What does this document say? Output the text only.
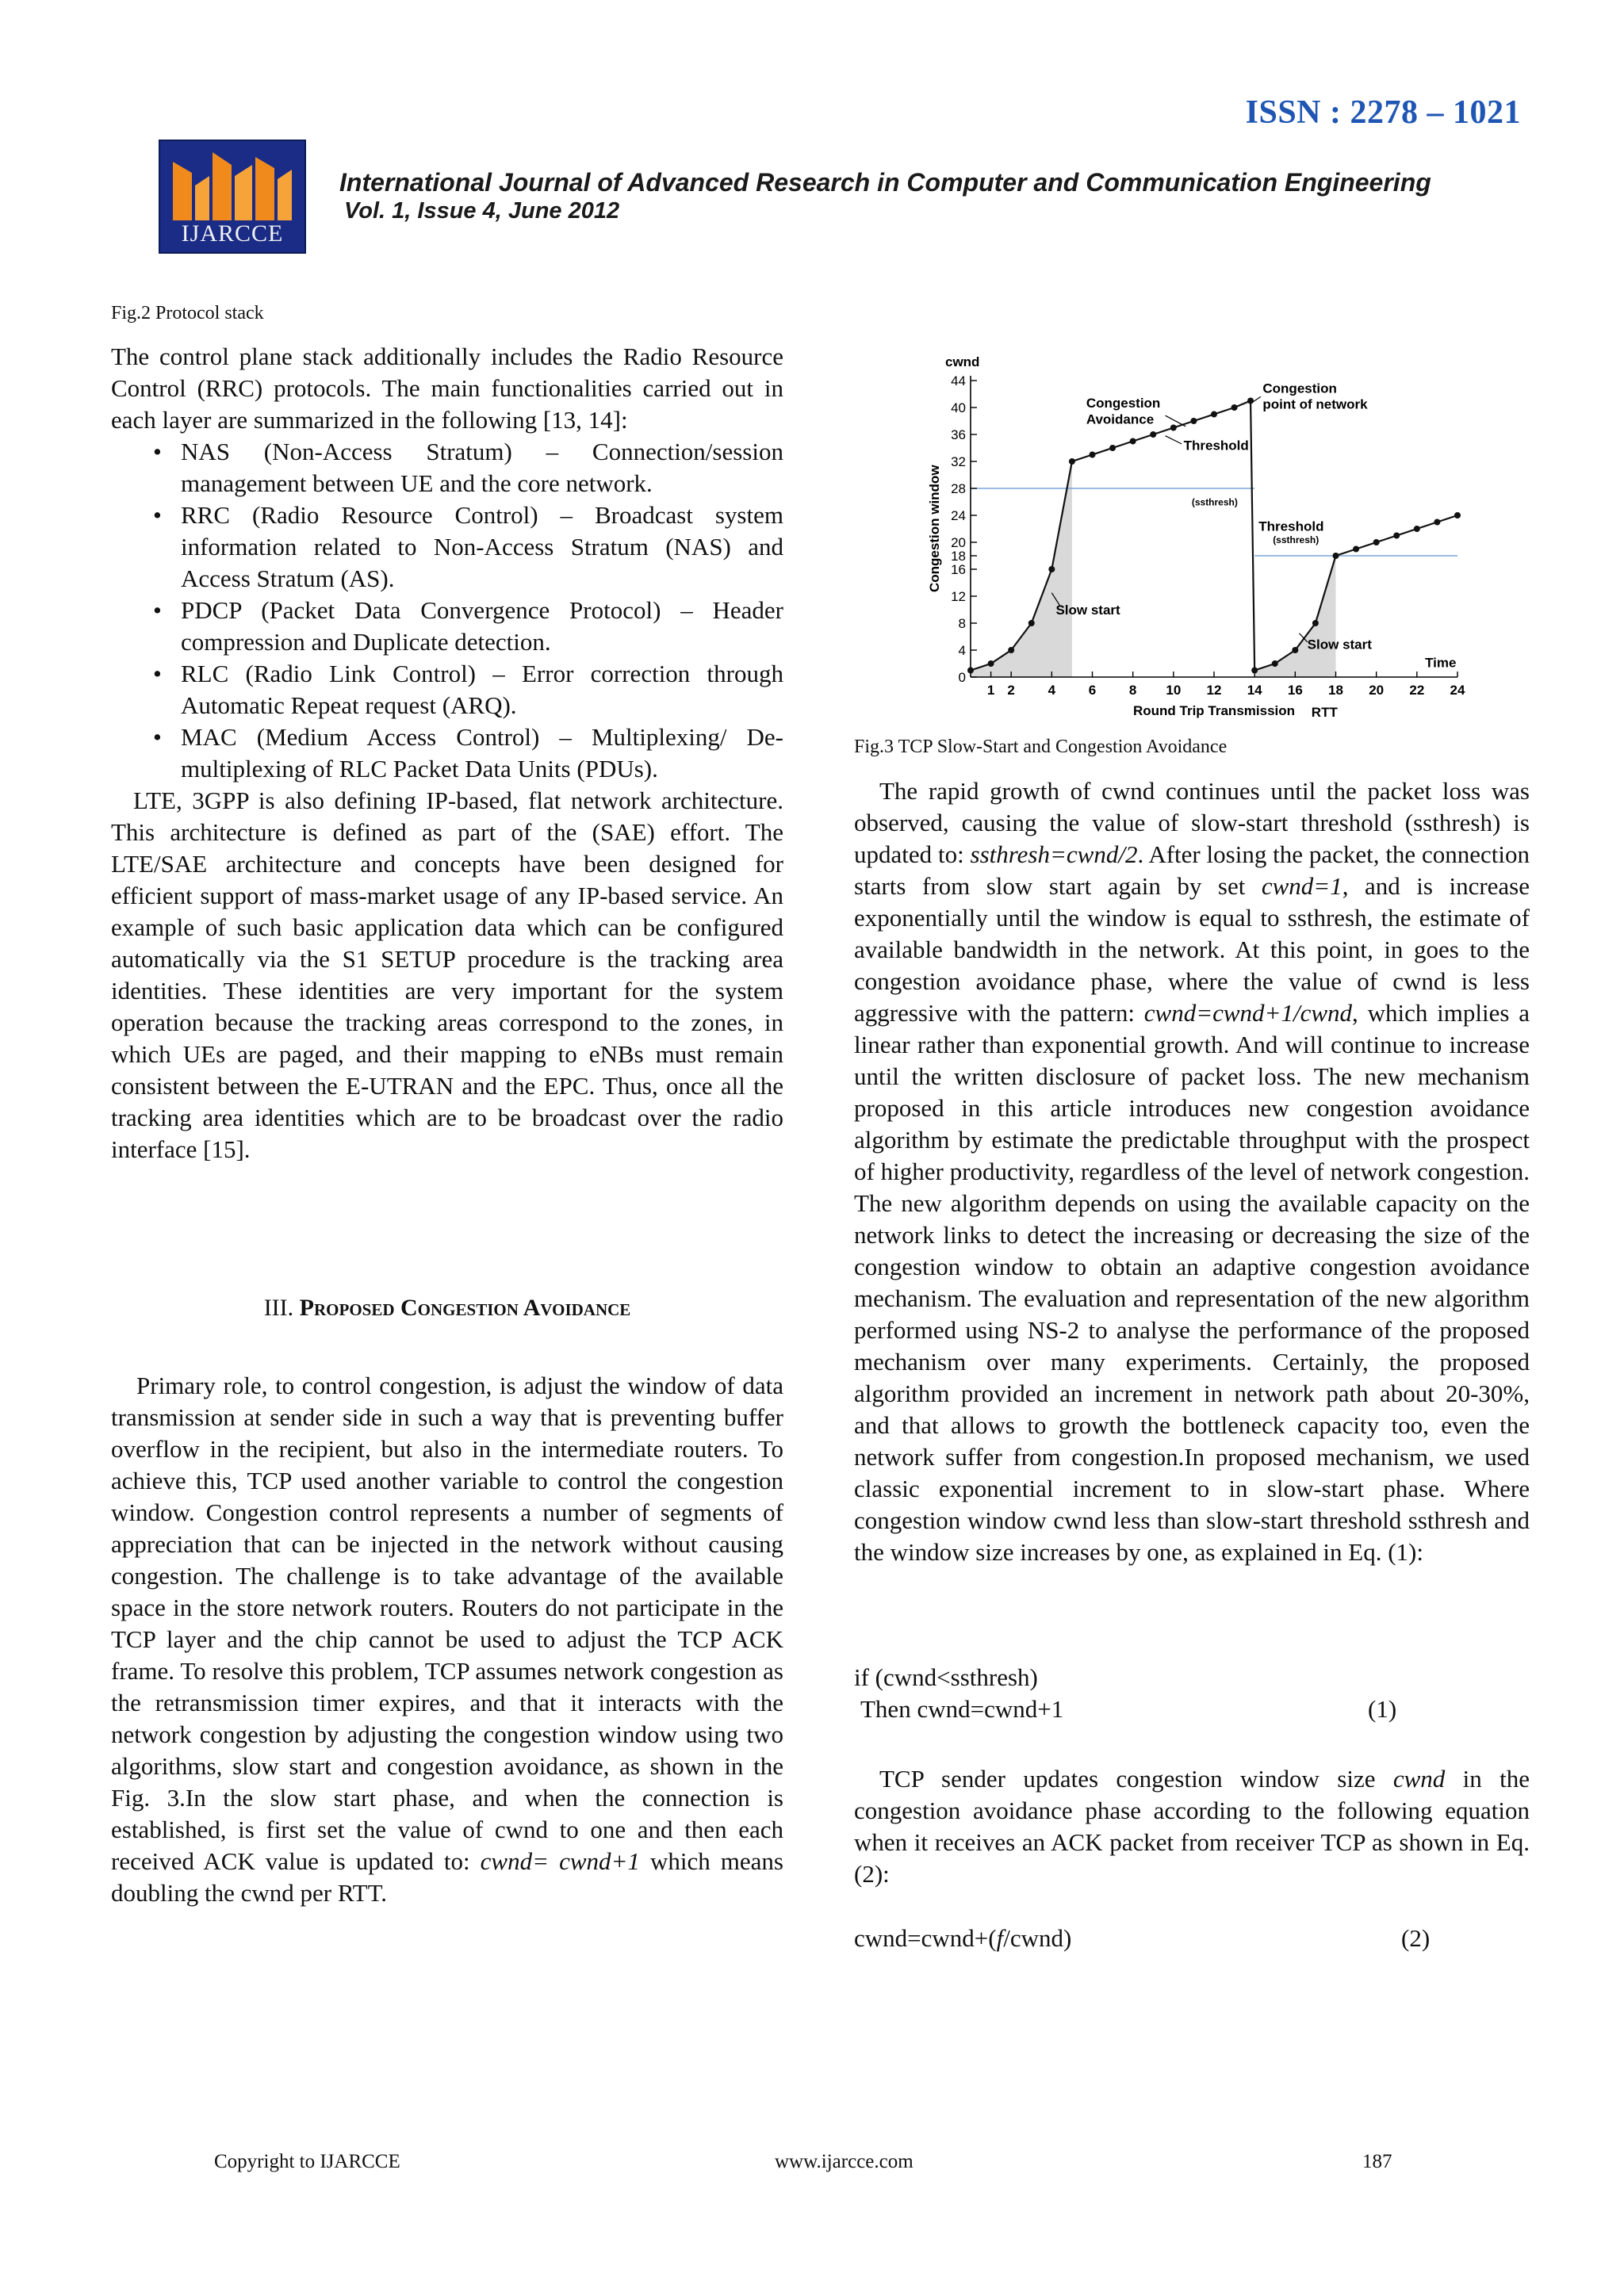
ISSN : 2278 – 1021
IJARCCE
International Journal of Advanced Research in Computer and Communication Engineering
Vol. 1, Issue 4, June 2012
Fig.2 Protocol stack

The control plane stack additionally includes the Radio Resource Control (RRC) protocols. The main functionalities carried out in each layer are summarized in the following [13, 14]:

• NAS (Non-Access Stratum) – Connection/session management between UE and the core network.
• RRC (Radio Resource Control) – Broadcast system information related to Non-Access Stratum (NAS) and Access Stratum (AS).
• PDCP (Packet Data Convergence Protocol) – Header compression and Duplicate detection.
• RLC (Radio Link Control) – Error correction through Automatic Repeat request (ARQ).
• MAC (Medium Access Control) – Multiplexing/ De-multiplexing of RLC Packet Data Units (PDUs).

LTE, 3GPP is also defining IP-based, flat network architecture. This architecture is defined as part of the (SAE) effort. The LTE/SAE architecture and concepts have been designed for efficient support of mass-market usage of any IP-based service. An example of such basic application data which can be configured automatically via the S1 SETUP procedure is the tracking area identities. These identities are very important for the system operation because the tracking areas correspond to the zones, in which UEs are paged, and their mapping to eNBs must remain consistent between the E-UTRAN and the EPC. Thus, once all the tracking area identities which are to be broadcast over the radio interface [15].

III. Proposed Congestion Avoidance

Primary role, to control congestion, is adjust the window of data transmission at sender side in such a way that is preventing buffer overflow in the recipient, but also in the intermediate routers. To achieve this, TCP used another variable to control the congestion window. Congestion control represents a number of segments of appreciation that can be injected in the network without causing congestion. The challenge is to take advantage of the available space in the store network routers. Routers do not participate in the TCP layer and the chip cannot be used to adjust the TCP ACK frame. To resolve this problem, TCP assumes network congestion as the retransmission timer expires, and that it interacts with the network congestion by adjusting the congestion window using two algorithms, slow start and congestion avoidance, as shown in the Fig. 3.In the slow start phase, and when the connection is established, is first set the value of cwnd to one and then each received ACK value is updated to: cwnd= cwnd+1 which means doubling the cwnd per RTT.

0
4
8
12
16
18
20
24
28
32
36
40
44
1 2 4 6 8 10 12 14 16 18 20 22 24
cwnd
Congestion window
Round Trip Transmission RTT
Time
Congestion
Avoidance
Congestion
point of network
Threshold
(ssthresh)
Threshold
(ssthresh)
Slow start
Slow start
Fig.3 TCP Slow-Start and Congestion Avoidance

The rapid growth of cwnd continues until the packet loss was observed, causing the value of slow-start threshold (ssthresh) is updated to: ssthresh=cwnd/2. After losing the packet, the connection starts from slow start again by set cwnd=1, and is increase exponentially until the window is equal to ssthresh, the estimate of available bandwidth in the network. At this point, in goes to the congestion avoidance phase, where the value of cwnd is less aggressive with the pattern: cwnd=cwnd+1/cwnd, which implies a linear rather than exponential growth. And will continue to increase until the written disclosure of packet loss. The new mechanism proposed in this article introduces new congestion avoidance algorithm by estimate the predictable throughput with the prospect of higher productivity, regardless of the level of network congestion. The new algorithm depends on using the available capacity on the network links to detect the increasing or decreasing the size of the congestion window to obtain an adaptive congestion avoidance mechanism. The evaluation and representation of the new algorithm performed using NS-2 to analyse the performance of the proposed mechanism over many experiments. Certainly, the proposed algorithm provided an increment in network path about 20-30%, and that allows to growth the bottleneck capacity too, even the network suffer from congestion.In proposed mechanism, we used classic exponential increment to in slow-start phase. Where congestion window cwnd less than slow-start threshold ssthresh and the window size increases by one, as explained in Eq. (1):

if (cwnd<ssthresh)
Then cwnd=cwnd+1	(1)

TCP sender updates congestion window size cwnd in the congestion avoidance phase according to the following equation when it receives an ACK packet from receiver TCP as shown in Eq. (2):

cwnd=cwnd+(f/cwnd)	(2)
Copyright to IJARCCE	www.ijarcce.com	187
